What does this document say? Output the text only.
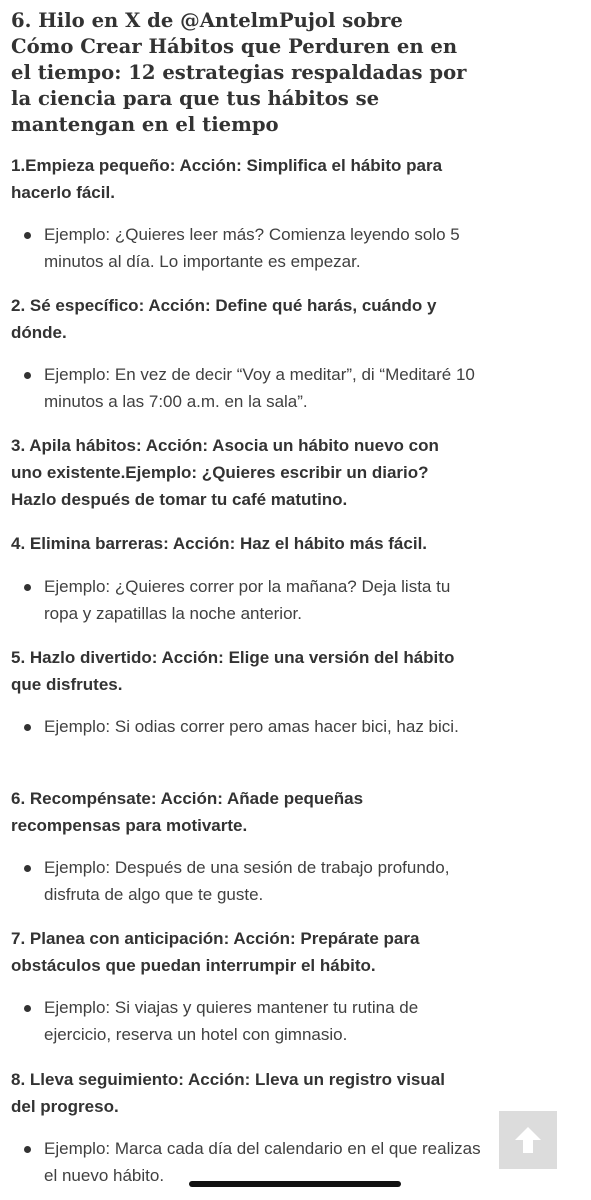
6. Hilo en X de @AntelmPujol sobre Cómo Crear Hábitos que Perduren en en el tiempo: 12 estrategias respaldadas por la ciencia para que tus hábitos se mantengan en el tiempo

1.Empieza pequeño: Acción: Simplifica el hábito para hacerlo fácil.

Ejemplo: ¿Quieres leer más? Comienza leyendo solo 5 minutos al día. Lo importante es empezar.

2. Sé específico: Acción: Define qué harás, cuándo y dónde.

Ejemplo: En vez de decir “Voy a meditar”, di “Meditaré 10 minutos a las 7:00 a.m. en la sala”.

3. Apila hábitos: Acción: Asocia un hábito nuevo con uno existente.Ejemplo: ¿Quieres escribir un diario? Hazlo después de tomar tu café matutino.

4. Elimina barreras: Acción: Haz el hábito más fácil.

Ejemplo: ¿Quieres correr por la mañana? Deja lista tu ropa y zapatillas la noche anterior.

5. Hazlo divertido: Acción: Elige una versión del hábito que disfrutes.

Ejemplo: Si odias correr pero amas hacer bici, haz bici.

6. Recompénsate: Acción: Añade pequeñas recompensas para motivarte.

Ejemplo: Después de una sesión de trabajo profundo, disfruta de algo que te guste.

7. Planea con anticipación: Acción: Prepárate para obstáculos que puedan interrumpir el hábito.

Ejemplo: Si viajas y quieres mantener tu rutina de ejercicio, reserva un hotel con gimnasio.

8. Lleva seguimiento: Acción: Lleva un registro visual del progreso.

Ejemplo: Marca cada día del calendario en el que realizas el nuevo hábito.
